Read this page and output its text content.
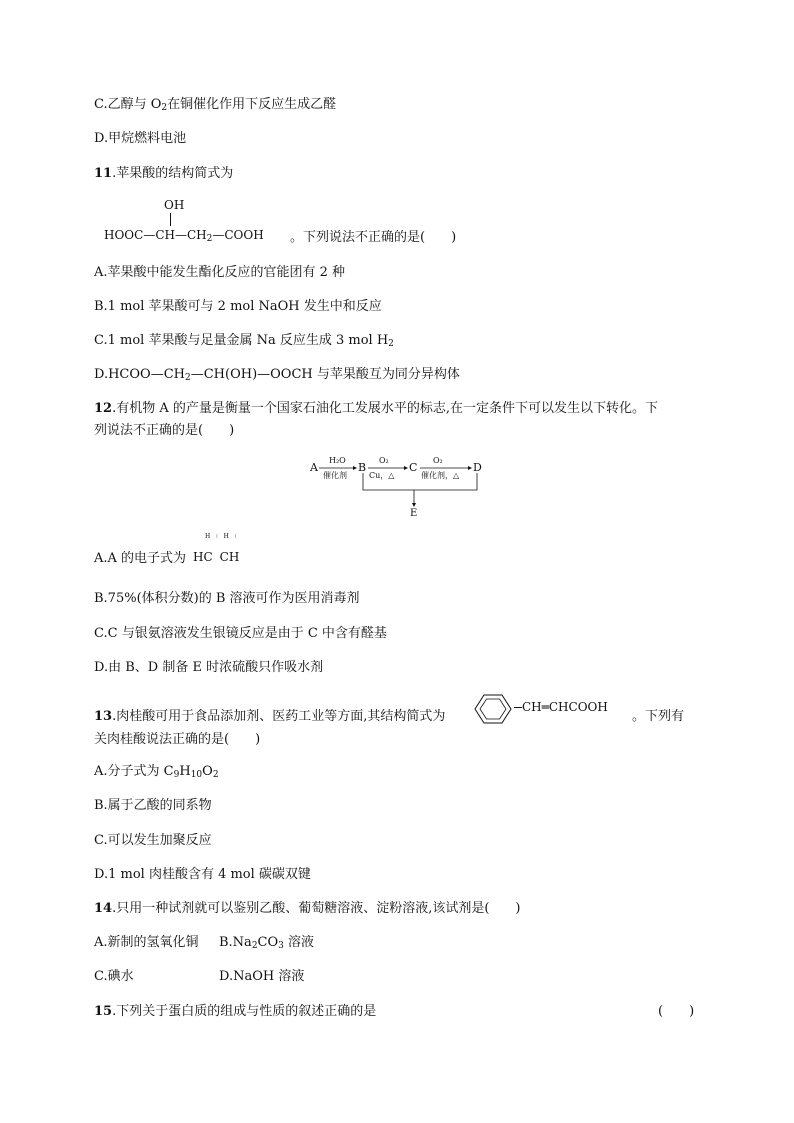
C.乙醇与 $O_2$在铜催化作用下反应生成乙醛
D.甲烷燃料电池
11.苹果酸的结构简式为
OH
$HOOC—CH—CH_2—COOH$ 。下列说法不正确的是(　　)
A.苹果酸中能发生酯化反应的官能团有 2 种
B.1 mol 苹果酸可与 2 mol NaOH 发生中和反应
C.1 mol 苹果酸与足量金属 Na 反应生成 3 mol $H_2$
$D.HCOO—CH_2—CH(OH)—OOCH$ 与苹果酸互为同分异构体
12.有机物 A 的产量是衡量一个国家石油化工发展水平的标志,在一定条件下可以发生以下转化。下
列说法不正确的是(　　)
A
H₂O
催化剂
B
O₂
Cu，△
C
O₂
催化剂，△
D
E
A.A 的电子式为
H ∶ H ∶
HC CH
B.75%(体积分数)的 B 溶液可作为医用消毒剂
C.C 与银氨溶液发生银镜反应是由于 C 中含有醛基
D.由 B、D 制备 E 时浓硫酸只作吸水剂
13.肉桂酸可用于食品添加剂、医药工业等方面,其结构简式为
CH═CHCOOH
。下列有
关肉桂酸说法正确的是(　　)
A.分子式为 $C_9H_{10}O_2$
B.属于乙酸的同系物
C.可以发生加聚反应
D.1 mol 肉桂酸含有 4 mol 碳碳双键
14.只用一种试剂就可以鉴别乙酸、葡萄糖溶液、淀粉溶液,该试剂是(　　)
A.新制的氢氧化铜 $B.Na_2CO_3$ 溶液
C.碘水	D.NaOH 溶液
15.下列关于蛋白质的组成与性质的叙述正确的是	(　　)
